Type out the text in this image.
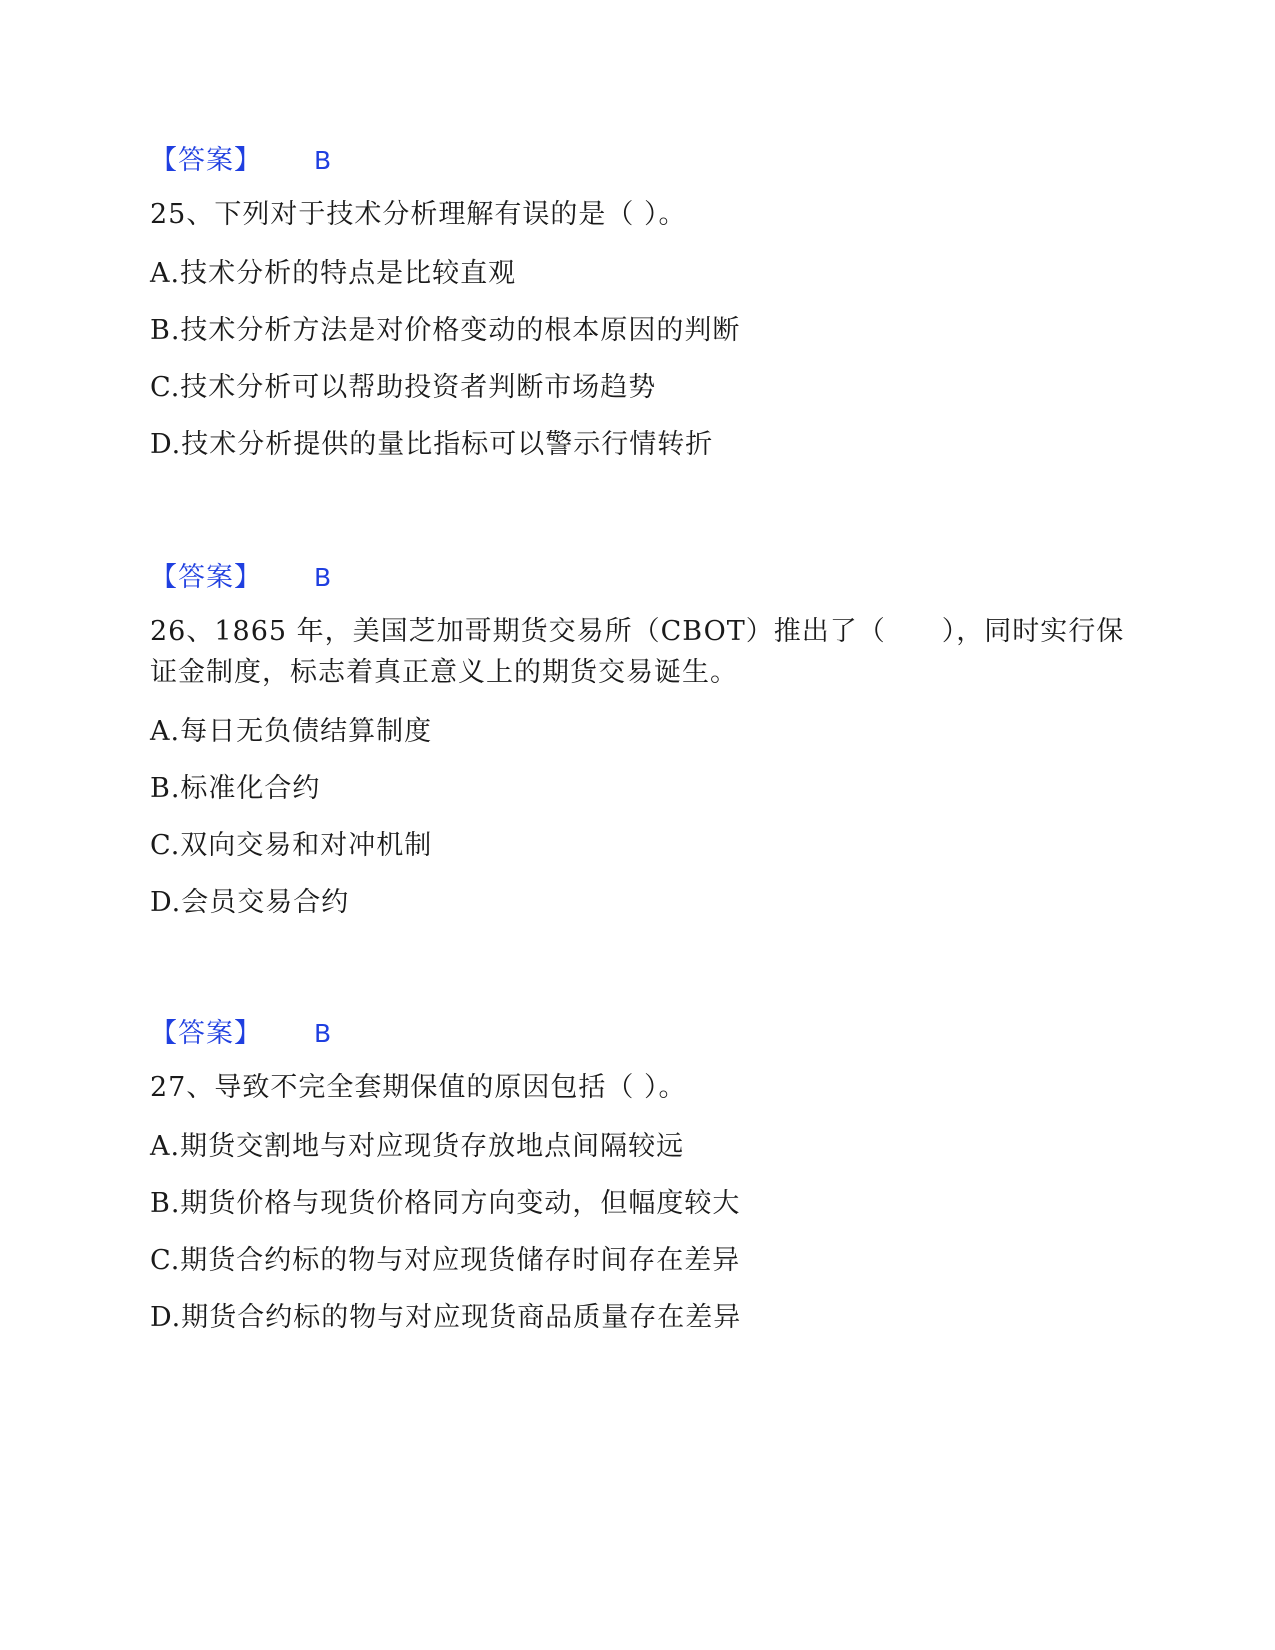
【答案】 B
25、下列对于技术分析理解有误的是（ ）。
A.技术分析的特点是比较直观
B.技术分析方法是对价格变动的根本原因的判断
C.技术分析可以帮助投资者判断市场趋势
D.技术分析提供的量比指标可以警示行情转折
【答案】 B
26、1865 年，美国芝加哥期货交易所（CBOT）推出了（　　），同时实行保证金制度，标志着真正意义上的期货交易诞生。
A.每日无负债结算制度
B.标准化合约
C.双向交易和对冲机制
D.会员交易合约
【答案】 B
27、导致不完全套期保值的原因包括（ ）。
A.期货交割地与对应现货存放地点间隔较远
B.期货价格与现货价格同方向变动，但幅度较大
C.期货合约标的物与对应现货储存时间存在差异
D.期货合约标的物与对应现货商品质量存在差异
